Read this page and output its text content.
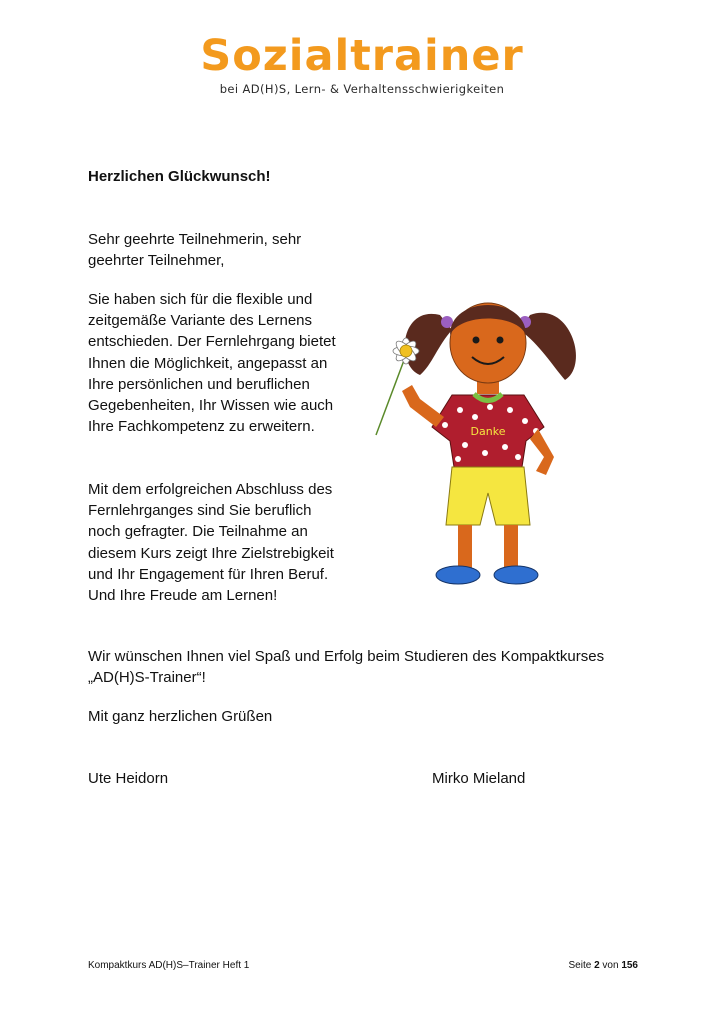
Sozialtrainer
bei AD(H)S, Lern- & Verhaltensschwierigkeiten
Herzlichen Glückwunsch!
Sehr geehrte Teilnehmerin, sehr geehrter Teilnehmer,
Sie haben sich für die flexible und zeitgemäße Variante des Lernens entschieden. Der Fernlehrgang bietet Ihnen die Möglichkeit, angepasst an Ihre persönlichen und beruflichen Gegebenheiten, Ihr Wissen wie auch Ihre Fachkompetenz zu erweitern.
Mit dem erfolgreichen Abschluss des Fernlehrganges sind Sie beruflich noch gefragter. Die Teilnahme an diesem Kurs zeigt Ihre Zielstrebigkeit und Ihr Engagement für Ihren Beruf. Und Ihre Freude am Lernen!
Wir wünschen Ihnen viel Spaß und Erfolg beim Studieren des Kompaktkurses „AD(H)S-Trainer“!
Mit ganz herzlichen Grüßen
Ute Heidorn	Mirko Mieland
Danke
Kompaktkurs AD(H)S–Trainer Heft 1	Seite 2 von 156
